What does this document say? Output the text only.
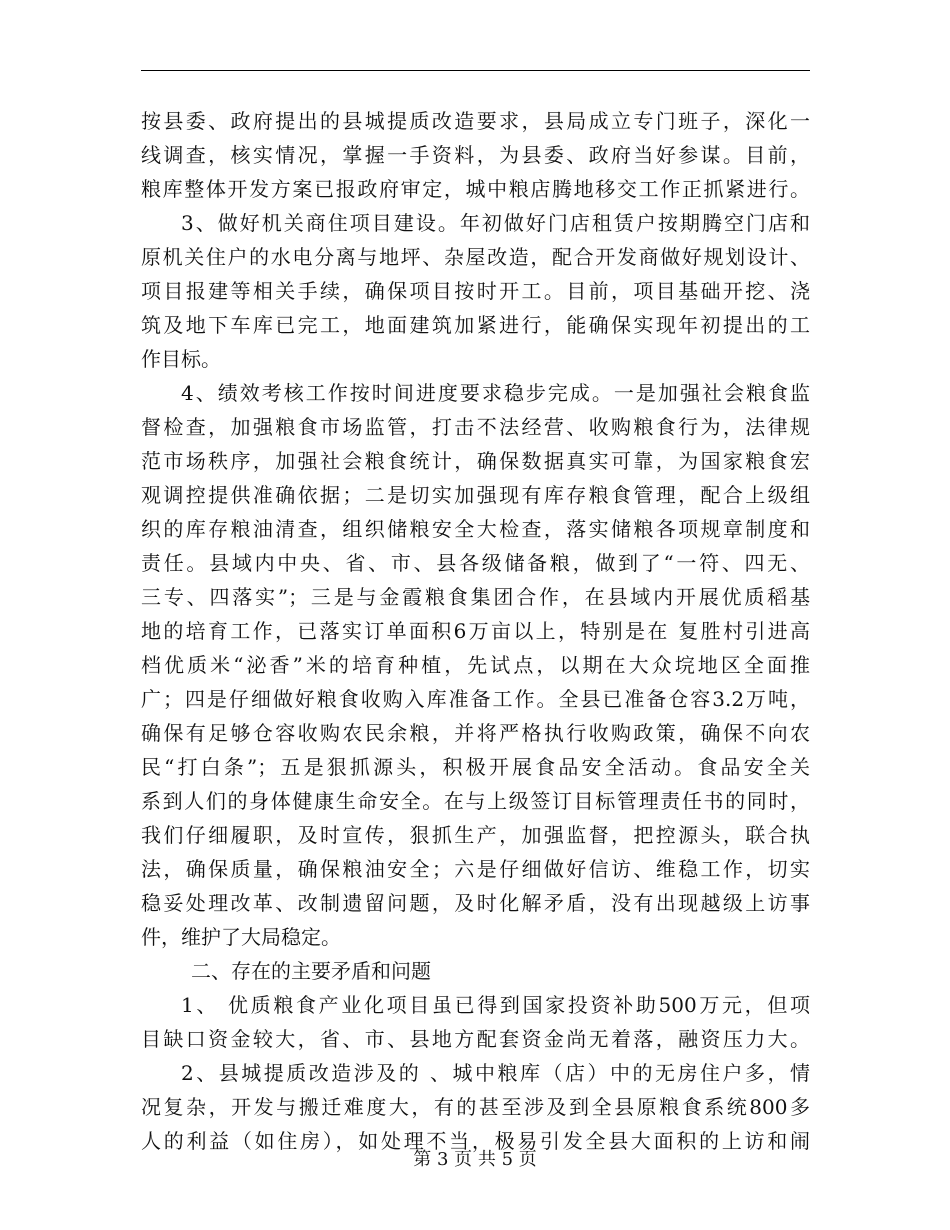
按县委、政府提出的县城提质改造要求，县局成立专门班子，深化一
线调查，核实情况，掌握一手资料，为县委、政府当好参谋。目前，
粮库整体开发方案已报政府审定，城中粮店腾地移交工作正抓紧进行。
3、做好机关商住项目建设。年初做好门店租赁户按期腾空门店和
原机关住户的水电分离与地坪、杂屋改造，配合开发商做好规划设计、
项目报建等相关手续，确保项目按时开工。目前，项目基础开挖、浇
筑及地下车库已完工，地面建筑加紧进行，能确保实现年初提出的工
作目标。
4、绩效考核工作按时间进度要求稳步完成。一是加强社会粮食监
督检查，加强粮食市场监管，打击不法经营、收购粮食行为，法律规
范市场秩序，加强社会粮食统计，确保数据真实可靠，为国家粮食宏
观调控提供准确依据；二是切实加强现有库存粮食管理，配合上级组
织的库存粮油清查，组织储粮安全大检查，落实储粮各项规章制度和
责任。县域内中央、省、市、县各级储备粮，做到了“一符、四无、
三专、四落实”；三是与金霞粮食集团合作，在县域内开展优质稻基
地的培育工作，已落实订单面积6万亩以上，特别是在 复胜村引进高
档优质米“泌香”米的培育种植，先试点，以期在大众垸地区全面推
广；四是仔细做好粮食收购入库准备工作。全县已准备仓容3.2万吨，
确保有足够仓容收购农民余粮，并将严格执行收购政策，确保不向农
民“打白条”；五是狠抓源头，积极开展食品安全活动。食品安全关
系到人们的身体健康生命安全。在与上级签订目标管理责任书的同时，
我们仔细履职，及时宣传，狠抓生产，加强监督，把控源头，联合执
法，确保质量，确保粮油安全；六是仔细做好信访、维稳工作，切实
稳妥处理改革、改制遗留问题，及时化解矛盾，没有出现越级上访事
件，维护了大局稳定。
二、存在的主要矛盾和问题
1、 优质粮食产业化项目虽已得到国家投资补助500万元，但项
目缺口资金较大，省、市、县地方配套资金尚无着落，融资压力大。
2、县城提质改造涉及的 、城中粮库（店）中的无房住户多，情
况复杂，开发与搬迁难度大，有的甚至涉及到全县原粮食系统800多
人的利益（如住房），如处理不当，极易引发全县大面积的上访和闹
第 3 页 共 5 页
